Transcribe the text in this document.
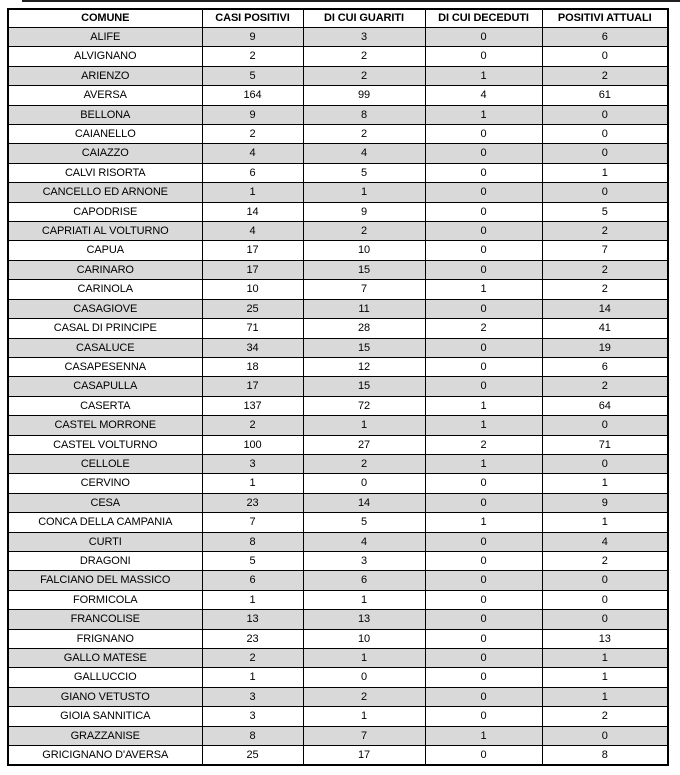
COMUNE	CASI POSITIVI	DI CUI GUARITI	DI CUI DECEDUTI	POSITIVI ATTUALI
ALIFE	9	3	0	6
ALVIGNANO	2	2	0	0
ARIENZO	5	2	1	2
AVERSA	164	99	4	61
BELLONA	9	8	1	0
CAIANELLO	2	2	0	0
CAIAZZO	4	4	0	0
CALVI RISORTA	6	5	0	1
CANCELLO ED ARNONE	1	1	0	0
CAPODRISE	14	9	0	5
CAPRIATI AL VOLTURNO	4	2	0	2
CAPUA	17	10	0	7
CARINARO	17	15	0	2
CARINOLA	10	7	1	2
CASAGIOVE	25	11	0	14
CASAL DI PRINCIPE	71	28	2	41
CASALUCE	34	15	0	19
CASAPESENNA	18	12	0	6
CASAPULLA	17	15	0	2
CASERTA	137	72	1	64
CASTEL MORRONE	2	1	1	0
CASTEL VOLTURNO	100	27	2	71
CELLOLE	3	2	1	0
CERVINO	1	0	0	1
CESA	23	14	0	9
CONCA DELLA CAMPANIA	7	5	1	1
CURTI	8	4	0	4
DRAGONI	5	3	0	2
FALCIANO DEL MASSICO	6	6	0	0
FORMICOLA	1	1	0	0
FRANCOLISE	13	13	0	0
FRIGNANO	23	10	0	13
GALLO MATESE	2	1	0	1
GALLUCCIO	1	0	0	1
GIANO VETUSTO	3	2	0	1
GIOIA SANNITICA	3	1	0	2
GRAZZANISE	8	7	1	0
GRICIGNANO D'AVERSA	25	17	0	8
